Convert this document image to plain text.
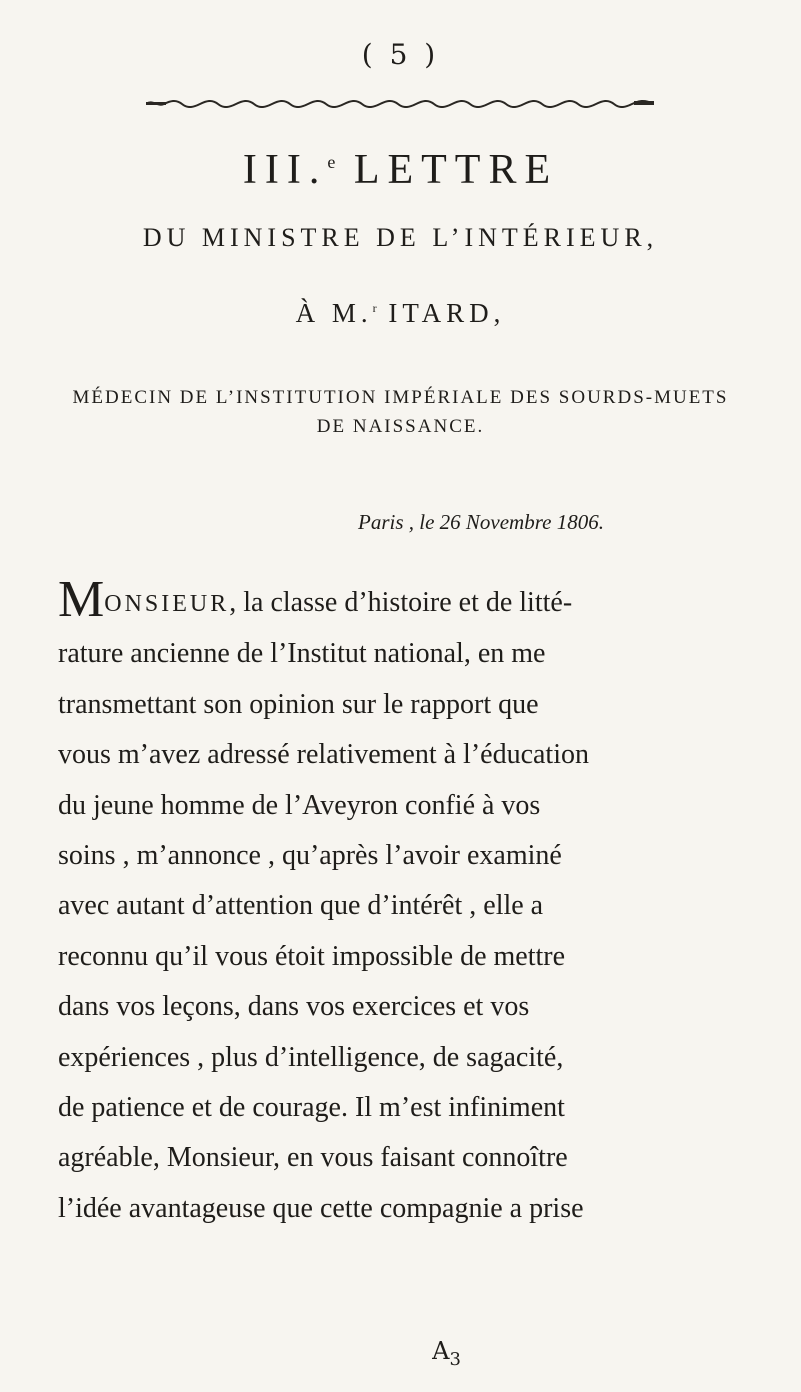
( 5 )
III.$^e$ LETTRE
DU MINISTRE DE L’INTÉRIEUR,
À M.$^r$ ITARD,
MÉDECIN DE L’INSTITUTION IMPÉRIALE DES SOURDS-MUETS
DE NAISSANCE.
Paris , le 26 Novembre 1806.
MONSIEUR, la classe d’histoire et de litté-
rature ancienne de l’Institut national, en me
transmettant son opinion sur le rapport que
vous m’avez adressé relativement à l’éducation
du jeune homme de l’Aveyron confié à vos
soins , m’annonce , qu’après l’avoir examiné
avec autant d’attention que d’intérêt , elle a
reconnu qu’il vous étoit impossible de mettre
dans vos leçons, dans vos exercices et vos
expériences , plus d’intelligence, de sagacité,
de patience et de courage. Il m’est infiniment
agréable, Monsieur, en vous faisant connoître
l’idée avantageuse que cette compagnie a prise
$A_3$
